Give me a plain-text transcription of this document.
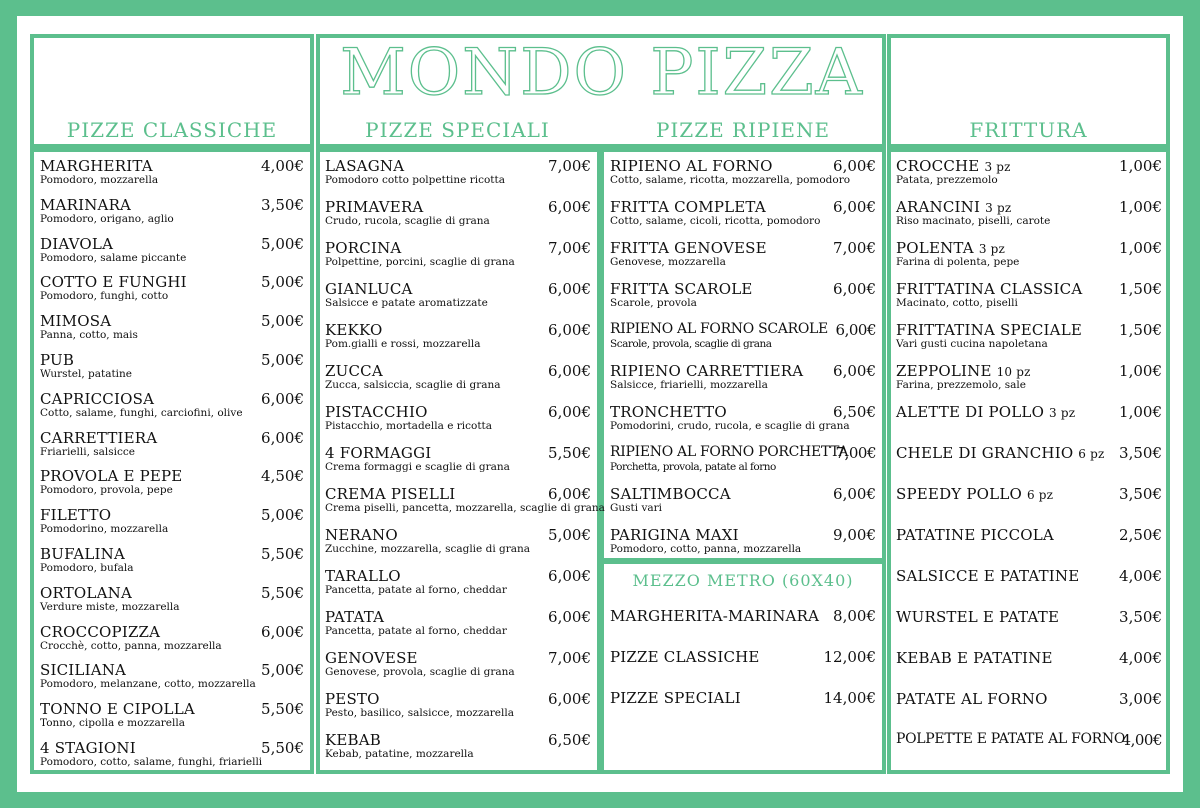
MONDO PIZZA
PIZZE CLASSICHE	PIZZE SPECIALI	PIZZE RIPIENE	FRITTURA
MEZZO METRO (60X40)
MARGHERITA
Pomodoro, mozzarella
4,00€
MARINARA
Pomodoro, origano, aglio
3,50€
DIAVOLA
Pomodoro, salame piccante
5,00€
COTTO E FUNGHI
Pomodoro, funghi, cotto
5,00€
MIMOSA
Panna, cotto, mais
5,00€
PUB
Wurstel, patatine
5,00€
CAPRICCIOSA
Cotto, salame, funghi, carciofini, olive
6,00€
CARRETTIERA
Friarielli, salsicce
6,00€
PROVOLA E PEPE
Pomodoro, provola, pepe
4,50€
FILETTO
Pomodorino, mozzarella
5,00€
BUFALINA
Pomodoro, bufala
5,50€
ORTOLANA
Verdure miste, mozzarella
5,50€
CROCCOPIZZA
Crocchè, cotto, panna, mozzarella
6,00€
SICILIANA
Pomodoro, melanzane, cotto, mozzarella
5,00€
TONNO E CIPOLLA
Tonno, cipolla e mozzarella
5,50€
4 STAGIONI
Pomodoro, cotto, salame, funghi, friarielli
5,50€
LASAGNA
Pomodoro cotto polpettine ricotta
7,00€
PRIMAVERA
Crudo, rucola, scaglie di grana
6,00€
PORCINA
Polpettine, porcini, scaglie di grana
7,00€
GIANLUCA
Salsicce e patate aromatizzate
6,00€
KEKKO
Pom.gialli e rossi, mozzarella
6,00€
ZUCCA
Zucca, salsiccia, scaglie di grana
6,00€
PISTACCHIO
Pistacchio, mortadella e ricotta
6,00€
4 FORMAGGI
Crema formaggi e scaglie di grana
5,50€
CREMA PISELLI
Crema piselli, pancetta, mozzarella, scaglie di grana
6,00€
NERANO
Zucchine, mozzarella, scaglie di grana
5,00€
TARALLO
Pancetta, patate al forno, cheddar
6,00€
PATATA
Pancetta, patate al forno, cheddar
6,00€
GENOVESE
Genovese, provola, scaglie di grana
7,00€
PESTO
Pesto, basilico, salsicce, mozzarella
6,00€
KEBAB
Kebab, patatine, mozzarella
6,50€
RIPIENO AL FORNO
Cotto, salame, ricotta, mozzarella, pomodoro
6,00€
FRITTA COMPLETA
Cotto, salame, cicoli, ricotta, pomodoro
6,00€
FRITTA GENOVESE
Genovese, mozzarella
7,00€
FRITTA SCAROLE
Scarole, provola
6,00€
RIPIENO AL FORNO SCAROLE
Scarole, provola, scaglie di grana
6,00€
RIPIENO CARRETTIERA
Salsicce, friarielli, mozzarella
6,00€
TRONCHETTO
Pomodorini, crudo, rucola, e scaglie di grana
6,50€
RIPIENO AL FORNO PORCHETTA
Porchetta, provola, patate al forno
7,00€
SALTIMBOCCA
Gusti vari
6,00€
PARIGINA MAXI
Pomodoro, cotto, panna, mozzarella
9,00€
MARGHERITA-MARINARA 8,00€
PIZZE CLASSICHE	12,00€
PIZZE SPECIALI	14,00€
CROCCHE 3 pz
Patata, prezzemolo
1,00€
ARANCINI 3 pz
Riso macinato, piselli, carote
1,00€
POLENTA 3 pz
Farina di polenta, pepe
1,00€
FRITTATINA CLASSICA
Macinato, cotto, piselli
1,50€
FRITTATINA SPECIALE
Vari gusti cucina napoletana
1,50€
ZEPPOLINE 10 pz
Farina, prezzemolo, sale
1,00€
ALETTE DI POLLO 3 pz	1,00€
CHELE DI GRANCHIO 6 pz 3,50€
SPEEDY POLLO 6 pz	3,50€
PATATINE PICCOLA	2,50€
SALSICCE E PATATINE	4,00€
WURSTEL E PATATE	3,50€
KEBAB E PATATINE	4,00€
PATATE AL FORNO	3,00€
POLPETTE E PATATE AL FORNO
4,00€
